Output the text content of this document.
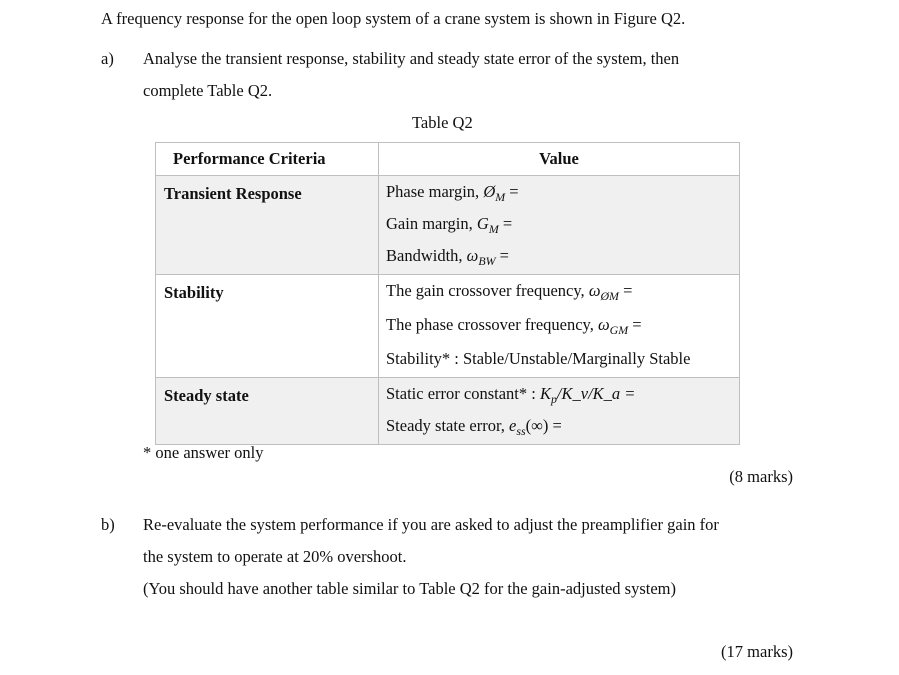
A frequency response for the open loop system of a crane system is shown in Figure Q2.
a) Analyse the transient response, stability and steady state error of the system, then
complete Table Q2.
Table Q2
Performance Criteria	Value

Transient Response	Phase margin, $Ø_M$ =
Gain margin, $G_M$ =
Bandwidth, $\omega_{BW}$ =

Stability	The gain crossover frequency, $\omega_{ØM}$ =
The phase crossover frequency, $\omega_{GM}$ =
Stability* : Stable/Unstable/Marginally Stable

Steady state	Static error constant* : $K_p/K\_v/K\_a$ =
Steady state error, $e_{ss}(\infty)$ =
* one answer only
(8 marks)
b) Re-evaluate the system performance if you are asked to adjust the preamplifier gain for
the system to operate at 20% overshoot.
(You should have another table similar to Table Q2 for the gain-adjusted system)
(17 marks)
